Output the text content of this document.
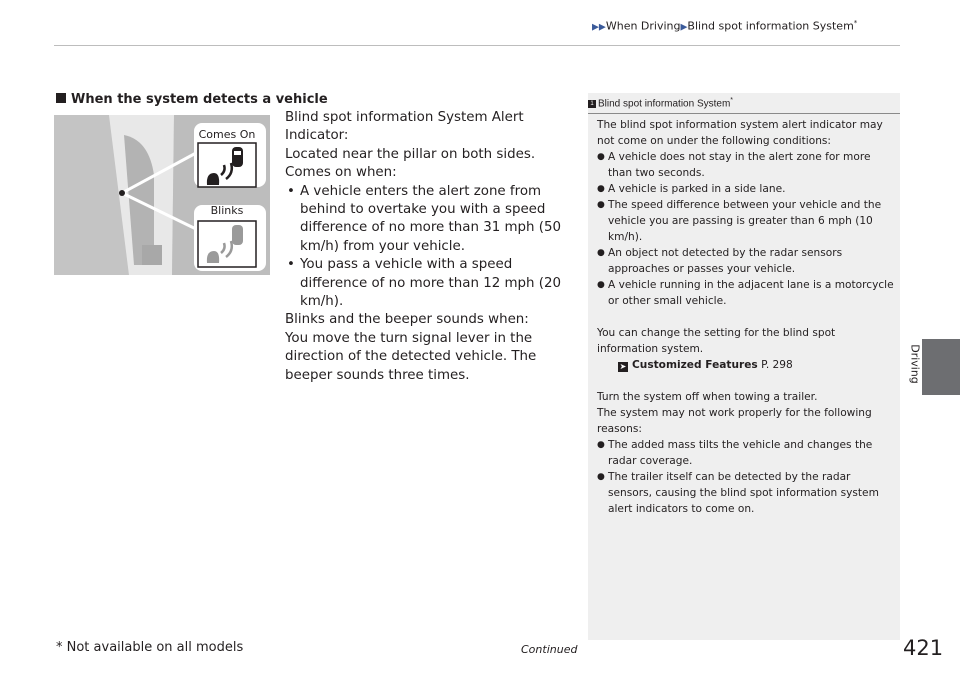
▶▶When Driving▶Blind spot information System*
Driving
When the system detects a vehicle
Comes On
Blinks

Blind spot information System Alert Indicator:

Located near the pillar on both sides.

Comes on when:

• A vehicle enters the alert zone from behind to overtake you with a speed difference of no more than 31 mph (50 km/h) from your vehicle.

• You pass a vehicle with a speed difference of no more than 12 mph (20 km/h).

Blinks and the beeper sounds when:

You move the turn signal lever in the direction of the detected vehicle. The beeper sounds three times.

1 Blind spot information System*

The blind spot information system alert indicator may not come on under the following conditions:

● A vehicle does not stay in the alert zone for more than two seconds.

● A vehicle is parked in a side lane.

● The speed difference between your vehicle and the vehicle you are passing is greater than 6 mph (10 km/h).

● An object not detected by the radar sensors approaches or passes your vehicle.

● A vehicle running in the adjacent lane is a motorcycle or other small vehicle.

You can change the setting for the blind spot information system.

➤ Customized Features P. 298

Turn the system off when towing a trailer.

The system may not work properly for the following reasons:

● The added mass tilts the vehicle and changes the radar coverage.

● The trailer itself can be detected by the radar sensors, causing the blind spot information system alert indicators to come on.

* Not available on all models	Continued	421
